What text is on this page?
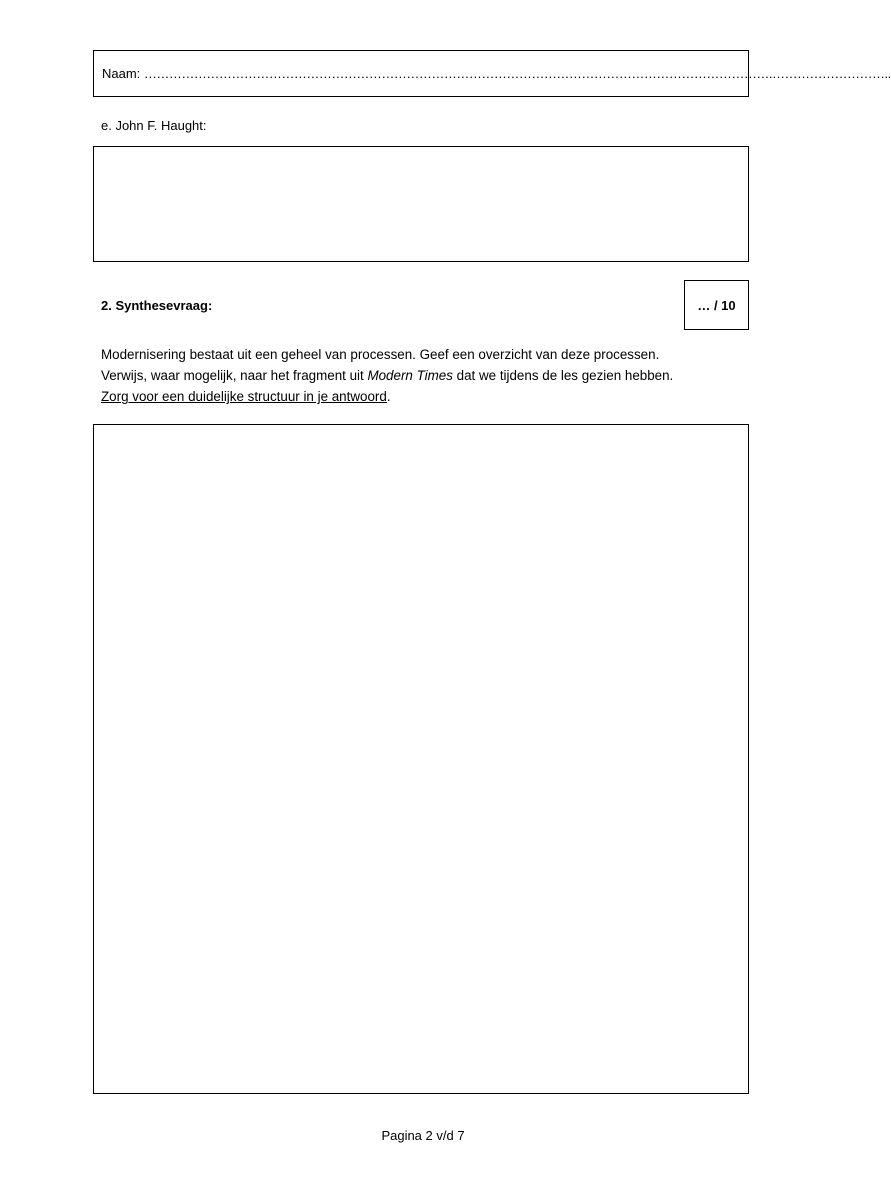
Naam:
…………………………………………………………………………………………………………………………………….………………………..
e. John F. Haught:
2. Synthesevraag:	… / 10
Modernisering bestaat uit een geheel van processen. Geef een overzicht van deze processen.
Verwijs, waar mogelijk, naar het fragment uit Modern Times dat we tijdens de les gezien hebben.
Zorg voor een duidelijke structuur in je antwoord.
Pagina 2 v/d 7
